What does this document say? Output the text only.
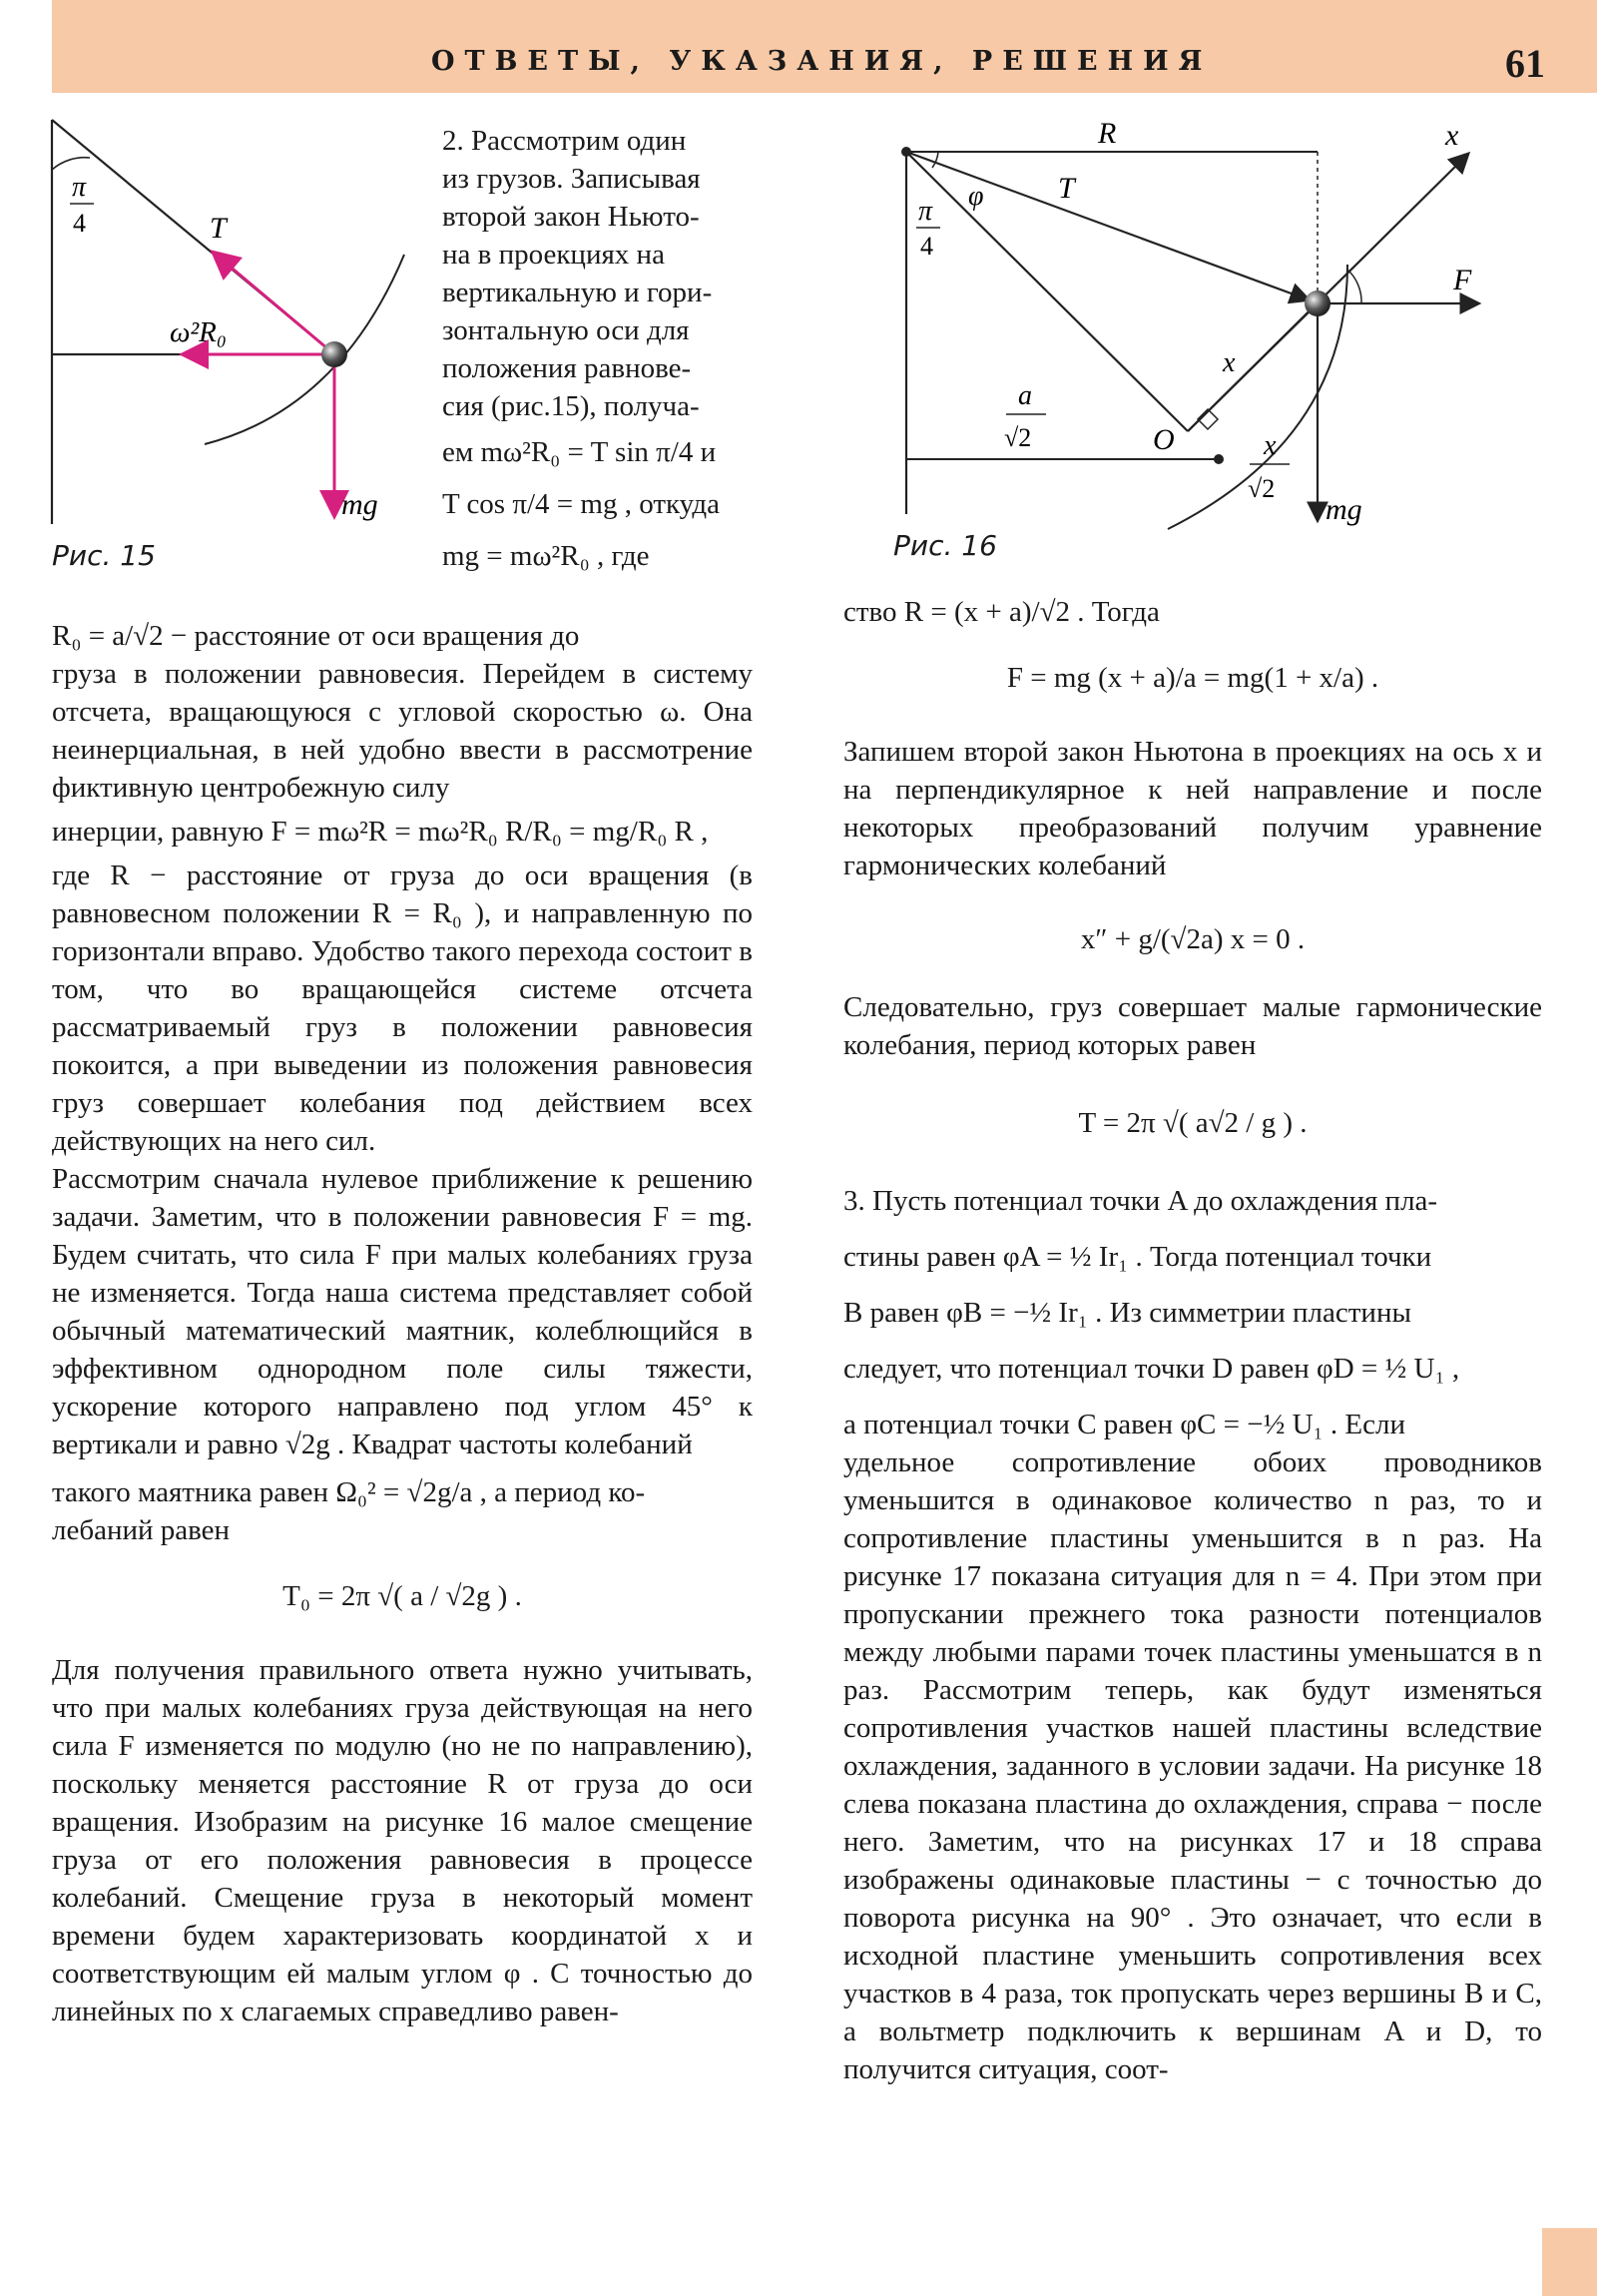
ОТВЕТЫ, УКАЗАНИЯ, РЕШЕНИЯ	61
π
4	T
ω²R₀
mg
Рис. 15

2. Рассмотрим один

из грузов. Записывая

второй закон Ньюто-

на в проекциях на

вертикальную и гори-

зонтальную оси для

положения равнове-

сия (рис.15), получа-

ем mω²R₀ = T sin π/4 и

T cos π/4 = mg , откуда

mg = mω²R₀ , где

R₀ = a/√2 − расстояние от оси вращения до

груза в положении равновесия. Перейдем в систему отсчета, вращающуюся с угловой скоростью ω. Она неинерциальная, в ней удобно ввести в рассмотрение фиктивную центробежную силу

инерции, равную F = mω²R = mω²R₀ R/R₀ = mg/R₀ R ,

где R − расстояние от груза до оси вращения (в равновесном положении R = R₀ ), и направленную по горизонтали вправо. Удобство такого перехода состоит в том, что во вращающейся системе отсчета рассматриваемый груз в положении равновесия покоится, а при выведении из положения равновесия груз совершает колебания под действием всех действующих на него сил.

Рассмотрим сначала нулевое приближение к решению задачи. Заметим, что в положении равновесия F = mg. Будем считать, что сила F при малых колебаниях груза не изменяется. Тогда наша система представляет собой обычный математический маятник, колеблющийся в эффективном однородном поле силы тяжести, ускорение которого направлено под углом 45° к вертикали и равно √2g . Квадрат частоты колебаний

такого маятника равен Ω₀² = √2g/a , а период ко-

лебаний равен

T₀ = 2π √( a / √2g ) .

Для получения правильного ответа нужно учитывать, что при малых колебаниях груза действующая на него сила F изменяется по модулю (но не по направлению), поскольку меняется расстояние R от груза до оси вращения. Изобразим на рисунке 16 малое смещение груза от его положения равновесия в процессе колебаний. Смещение груза в некоторый момент времени будем характеризовать координатой x и соответствующим ей малым углом φ . С точностью до линейных по x слагаемых справедливо равен-

R	x
T
φ
π
4
F
x
a
√2	O	x
√2
mg
Рис. 16

ство R = (x + a)/√2 . Тогда

F = mg (x + a)/a = mg(1 + x/a) .

Запишем второй закон Ньютона в проекциях на ось x и на перпендикулярное к ней направление и после некоторых преобразований получим уравнение гармонических колебаний

x″ + g/(√2a) x = 0 .

Следовательно, груз совершает малые гармонические колебания, период которых равен

T = 2π √( a√2 / g ) .

3. Пусть потенциал точки A до охлаждения пла-

стины равен φA = ½ Ir₁ . Тогда потенциал точки

B равен φB = −½ Ir₁ . Из симметрии пластины

следует, что потенциал точки D равен φD = ½ U₁ ,

а потенциал точки C равен φC = −½ U₁ . Если

удельное сопротивление обоих проводников уменьшится в одинаковое количество n раз, то и сопротивление пластины уменьшится в n раз. На рисунке 17 показана ситуация для n = 4. При этом при пропускании прежнего тока разности потенциалов между любыми парами точек пластины уменьшатся в n раз. Рассмотрим теперь, как будут изменяться сопротивления участков нашей пластины вследствие охлаждения, заданного в условии задачи. На рисунке 18 слева показана пластина до охлаждения, справа − после него. Заметим, что на рисунках 17 и 18 справа изображены одинаковые пластины − с точностью до поворота рисунка на 90° . Это означает, что если в исходной пластине уменьшить сопротивления всех участков в 4 раза, ток пропускать через вершины B и C, а вольтметр подключить к вершинам A и D, то получится ситуация, соот-
